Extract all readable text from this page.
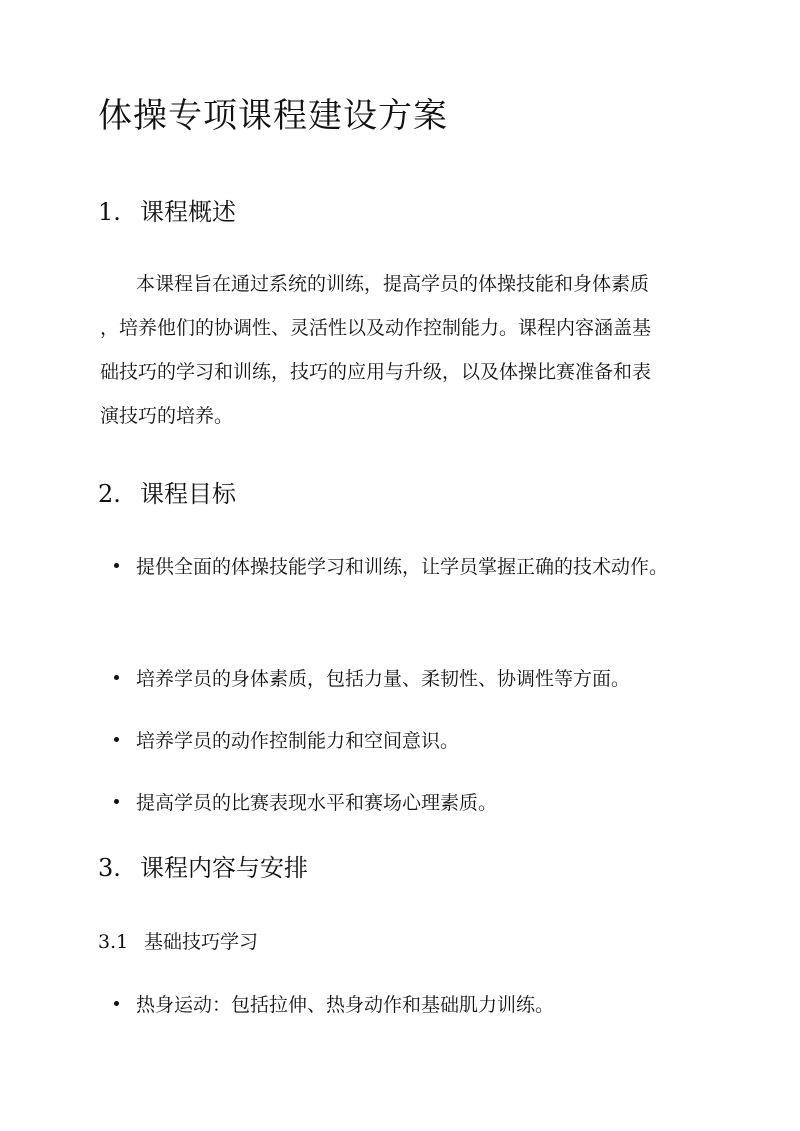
体操专项课程建设方案
1. 课程概述

本课程旨在通过系统的训练，提高学员的体操技能和身体素质
，培养他们的协调性、灵活性以及动作控制能力。课程内容涵盖基
础技巧的学习和训练，技巧的应用与升级，以及体操比赛准备和表
演技巧的培养。

2. 课程目标
提供全面的体操技能学习和训练，让学员掌握正确的技术动作。
培养学员的身体素质，包括力量、柔韧性、协调性等方面。
培养学员的动作控制能力和空间意识。
提高学员的比赛表现水平和赛场心理素质。
3. 课程内容与安排
3.1 基础技巧学习
热身运动：包括拉伸、热身动作和基础肌力训练。
